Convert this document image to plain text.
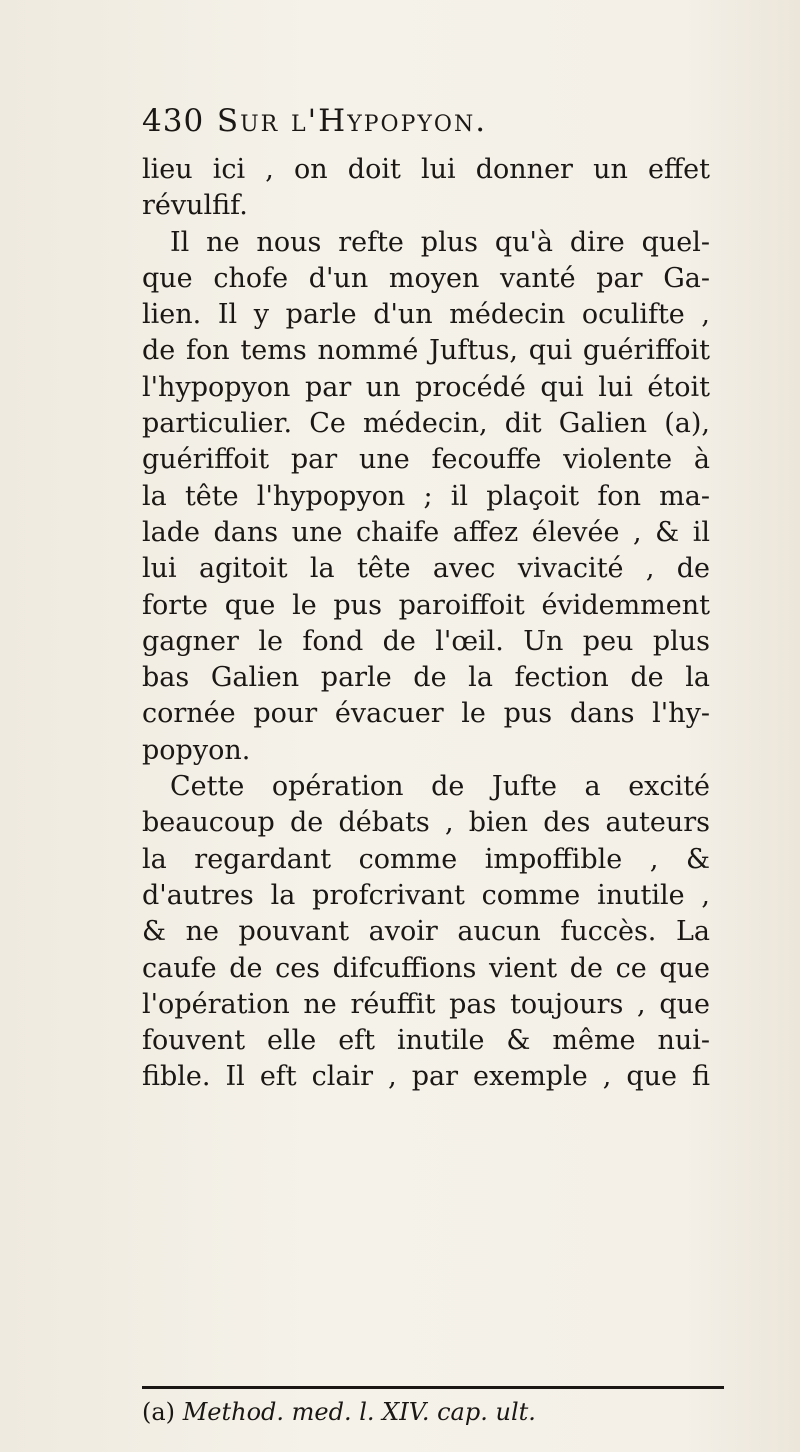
430 Sur l'Hypopyon.
lieu ici , on doit lui donner un effet
révulfif.
Il ne nous refte plus qu'à dire quel-
que chofe d'un moyen vanté par Ga-
lien. Il y parle d'un médecin oculifte ,
de fon tems nommé Juftus, qui guériffoit
l'hypopyon par un procédé qui lui étoit
particulier. Ce médecin, dit Galien (a),
guériffoit par une fecouffe violente à
la tête l'hypopyon ; il plaçoit fon ma-
lade dans une chaife affez élevée , & il
lui agitoit la tête avec vivacité , de
forte que le pus paroiffoit évidemment
gagner le fond de l'œil. Un peu plus
bas Galien parle de la fection de la
cornée pour évacuer le pus dans l'hy-
popyon.
Cette opération de Jufte a excité
beaucoup de débats , bien des auteurs
la regardant comme impoffible , &
d'autres la profcrivant comme inutile ,
& ne pouvant avoir aucun fuccès. La
caufe de ces difcuffions vient de ce que
l'opération ne réuffit pas toujours , que
fouvent elle eft inutile & même nui-
fible. Il eft clair , par exemple , que fi
(a) Method. med. l. XIV. cap. ult.
